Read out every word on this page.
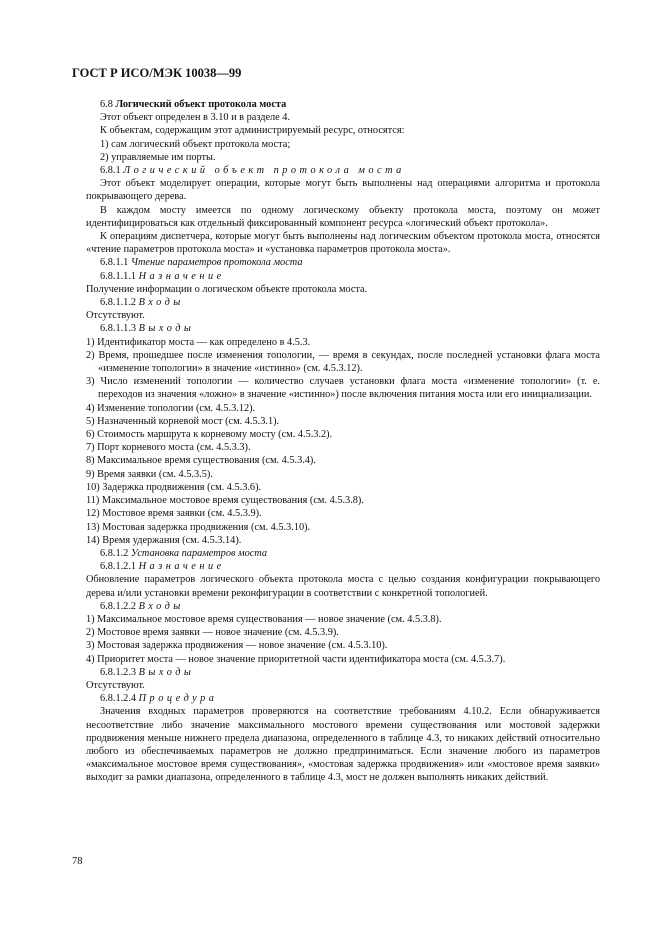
ГОСТ Р ИСО/МЭК 10038—99

6.8 Логический объект протокола моста

Этот объект определен в 3.10 и в разделе 4.

К объектам, содержащим этот администрируемый ресурс, относятся:

1) сам логический объект протокола моста;

2) управляемые им порты.

6.8.1 Логический объект протокола моста

Этот объект моделирует операции, которые могут быть выполнены над операциями алгоритма и протокола покрывающего дерева.

В каждом мосту имеется по одному логическому объекту протокола моста, поэтому он может идентифицироваться как отдельный фиксированный компонент ресурса «логический объект протокола».

К операциям диспетчера, которые могут быть выполнены над логическим объектом протокола моста, относятся «чтение параметров протокола моста» и «установка параметров протокола моста».

6.8.1.1 Чтение параметров протокола моста

6.8.1.1.1 Назначение

Получение информации о логическом объекте протокола моста.

6.8.1.1.2 Входы

Отсутствуют.

6.8.1.1.3 Выходы

1) Идентификатор моста — как определено в 4.5.3.

2) Время, прошедшее после изменения топологии, — время в секундах, после последней установки флага моста «изменение топологии» в значение «истинно» (см. 4.5.3.12).

3) Число изменений топологии — количество случаев установки флага моста «изменение топологии» (т. е. переходов из значения «ложно» в значение «истинно») после включения питания моста или его инициализации.

4) Изменение топологии (см. 4.5.3.12).

5) Назначенный корневой мост (см. 4.5.3.1).

6) Стоимость маршрута к корневому мосту (см. 4.5.3.2).

7) Порт корневого моста (см. 4.5.3.3).

8) Максимальное время существования (см. 4.5.3.4).

9) Время заявки (см. 4.5.3.5).

10) Задержка продвижения (см. 4.5.3.6).

11) Максимальное мостовое время существования (см. 4.5.3.8).

12) Мостовое время заявки (см. 4.5.3.9).

13) Мостовая задержка продвижения (см. 4.5.3.10).

14) Время удержания (см. 4.5.3.14).

6.8.1.2 Установка параметров моста

6.8.1.2.1 Назначение

Обновление параметров логического объекта протокола моста с целью создания конфигурации покрывающего дерева и/или установки времени реконфигурации в соответствии с конкретной топологией.

6.8.1.2.2 Входы

1) Максимальное мостовое время существования — новое значение (см. 4.5.3.8).

2) Мостовое время заявки — новое значение (см. 4.5.3.9).

3) Мостовая задержка продвижения — новое значение (см. 4.5.3.10).

4) Приоритет моста — новое значение приоритетной части идентификатора моста (см. 4.5.3.7).

6.8.1.2.3 Выходы

Отсутствуют.

6.8.1.2.4 Процедура

Значения входных параметров проверяются на соответствие требованиям 4.10.2. Если обнаруживается несоответствие либо значение максимального мостового времени существования или мостовой задержки продвижения меньше нижнего предела диапазона, определенного в таблице 4.3, то никаких действий относительно любого из обеспечиваемых параметров не должно предприниматься. Если значение любого из параметров «максимальное мостовое время существования», «мостовая задержка продвижения» или «мостовое время заявки» выходит за рамки диапазона, определенного в таблице 4.3, мост не должен выполнять никаких действий.

78
